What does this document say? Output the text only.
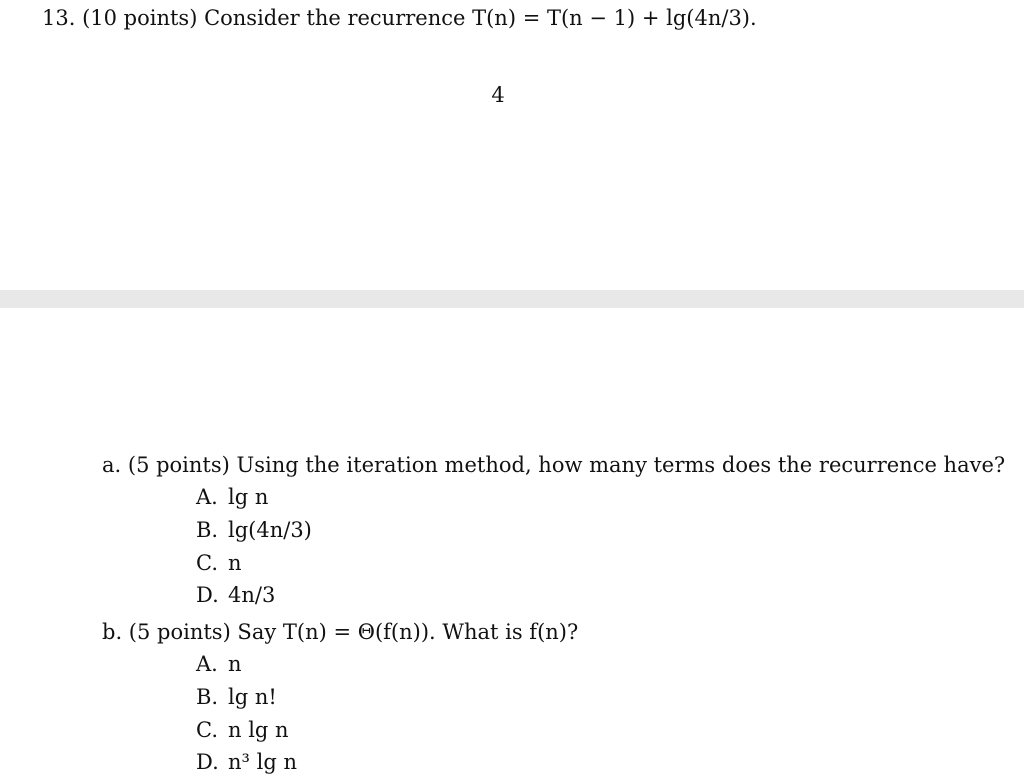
13. (10 points) Consider the recurrence T(n) = T(n − 1) + lg(4n/3).
4
a. (5 points) Using the iteration method, how many terms does the recurrence have?
A. lg n
B. lg(4n/3)
C. n
D. 4n/3
b. (5 points) Say T(n) = Θ(f(n)). What is f(n)?
A. n
B. lg n!
C. n lg n
D. n³ lg n
